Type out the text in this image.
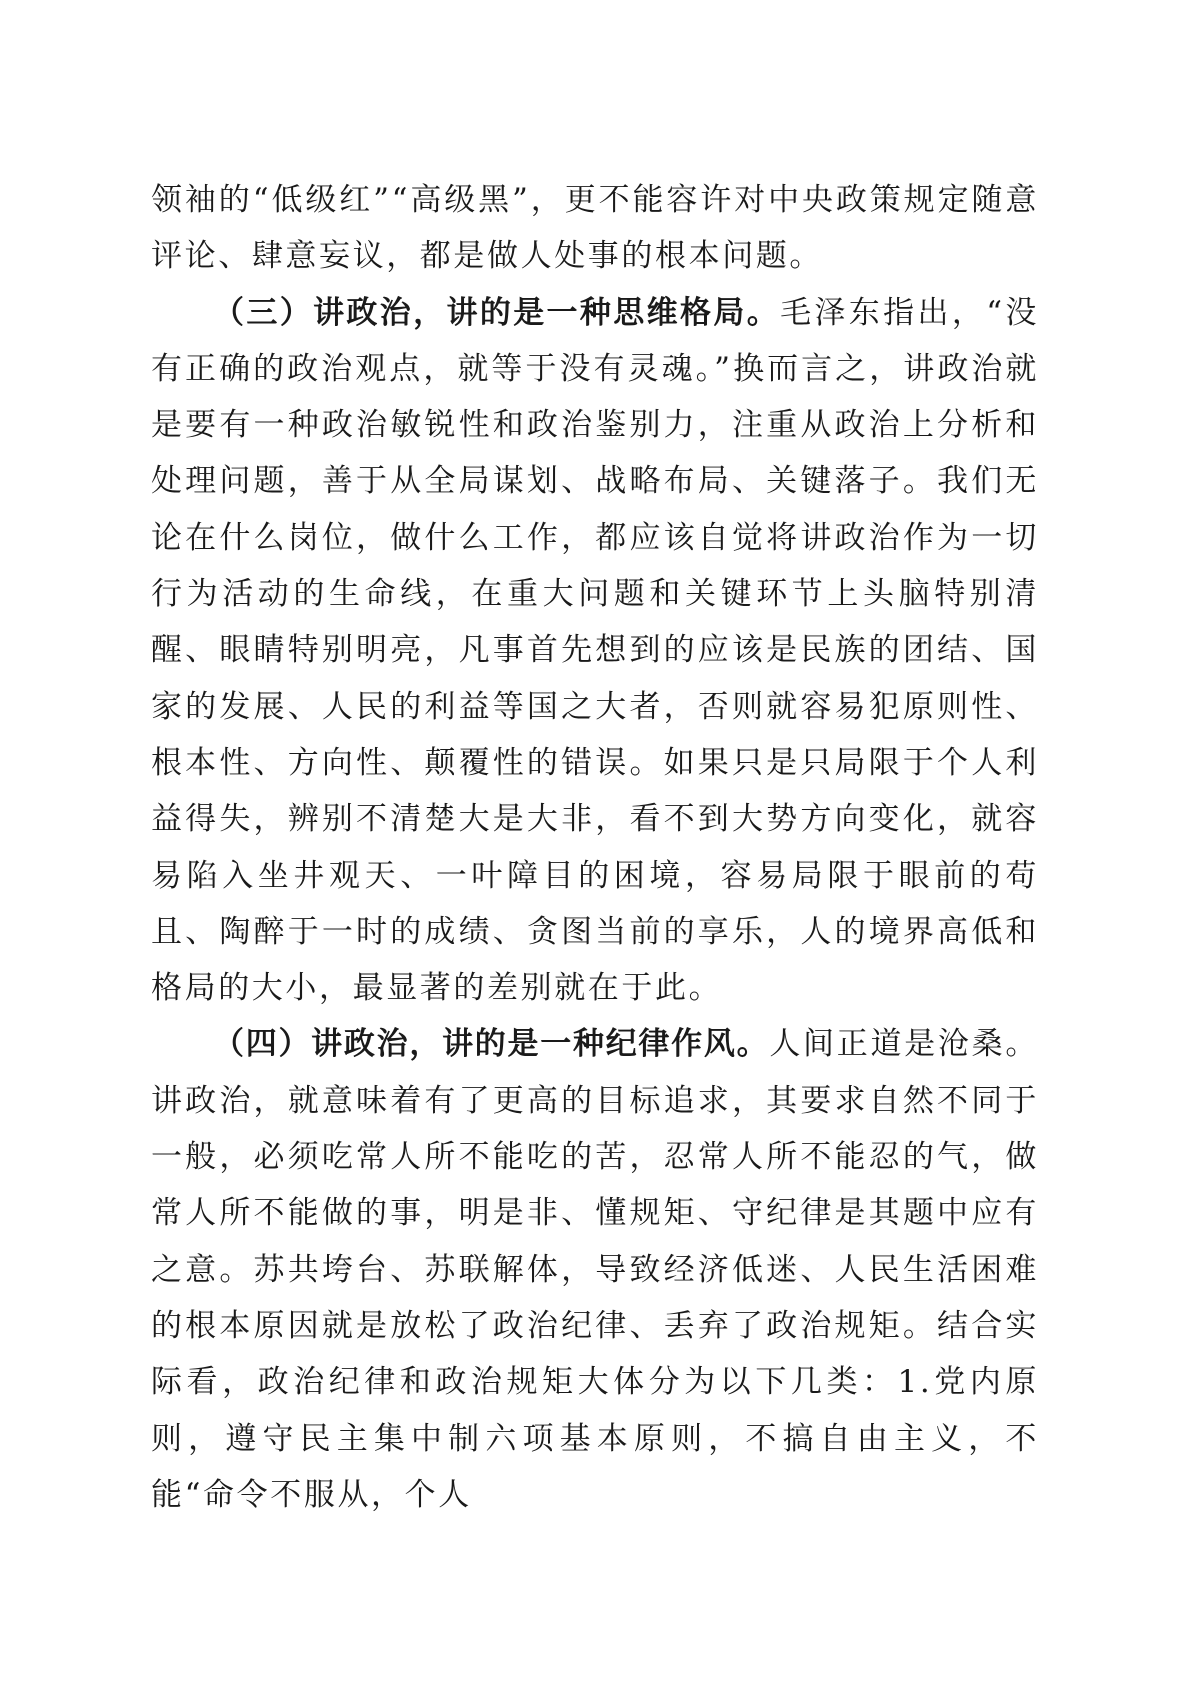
领袖的“低级红”“高级黑”，更不能容许对中央政策规定随意评论、肆意妄议，都是做人处事的根本问题。

（三）讲政治，讲的是一种思维格局。毛泽东指出，“没有正确的政治观点，就等于没有灵魂。”换而言之，讲政治就是要有一种政治敏锐性和政治鉴别力，注重从政治上分析和处理问题，善于从全局谋划、战略布局、关键落子。我们无论在什么岗位，做什么工作，都应该自觉将讲政治作为一切行为活动的生命线，在重大问题和关键环节上头脑特别清醒、眼睛特别明亮，凡事首先想到的应该是民族的团结、国家的发展、人民的利益等国之大者，否则就容易犯原则性、根本性、方向性、颠覆性的错误。如果只是只局限于个人利益得失，辨别不清楚大是大非，看不到大势方向变化，就容易陷入坐井观天、一叶障目的困境，容易局限于眼前的苟且、陶醉于一时的成绩、贪图当前的享乐，人的境界高低和格局的大小，最显著的差别就在于此。

（四）讲政治，讲的是一种纪律作风。人间正道是沧桑。讲政治，就意味着有了更高的目标追求，其要求自然不同于一般，必须吃常人所不能吃的苦，忍常人所不能忍的气，做常人所不能做的事，明是非、懂规矩、守纪律是其题中应有之意。苏共垮台、苏联解体，导致经济低迷、人民生活困难的根本原因就是放松了政治纪律、丢弃了政治规矩。结合实际看，政治纪律和政治规矩大体分为以下几类：1.党内原则，遵守民主集中制六项基本原则，不搞自由主义，不能“命令不服从，个人
